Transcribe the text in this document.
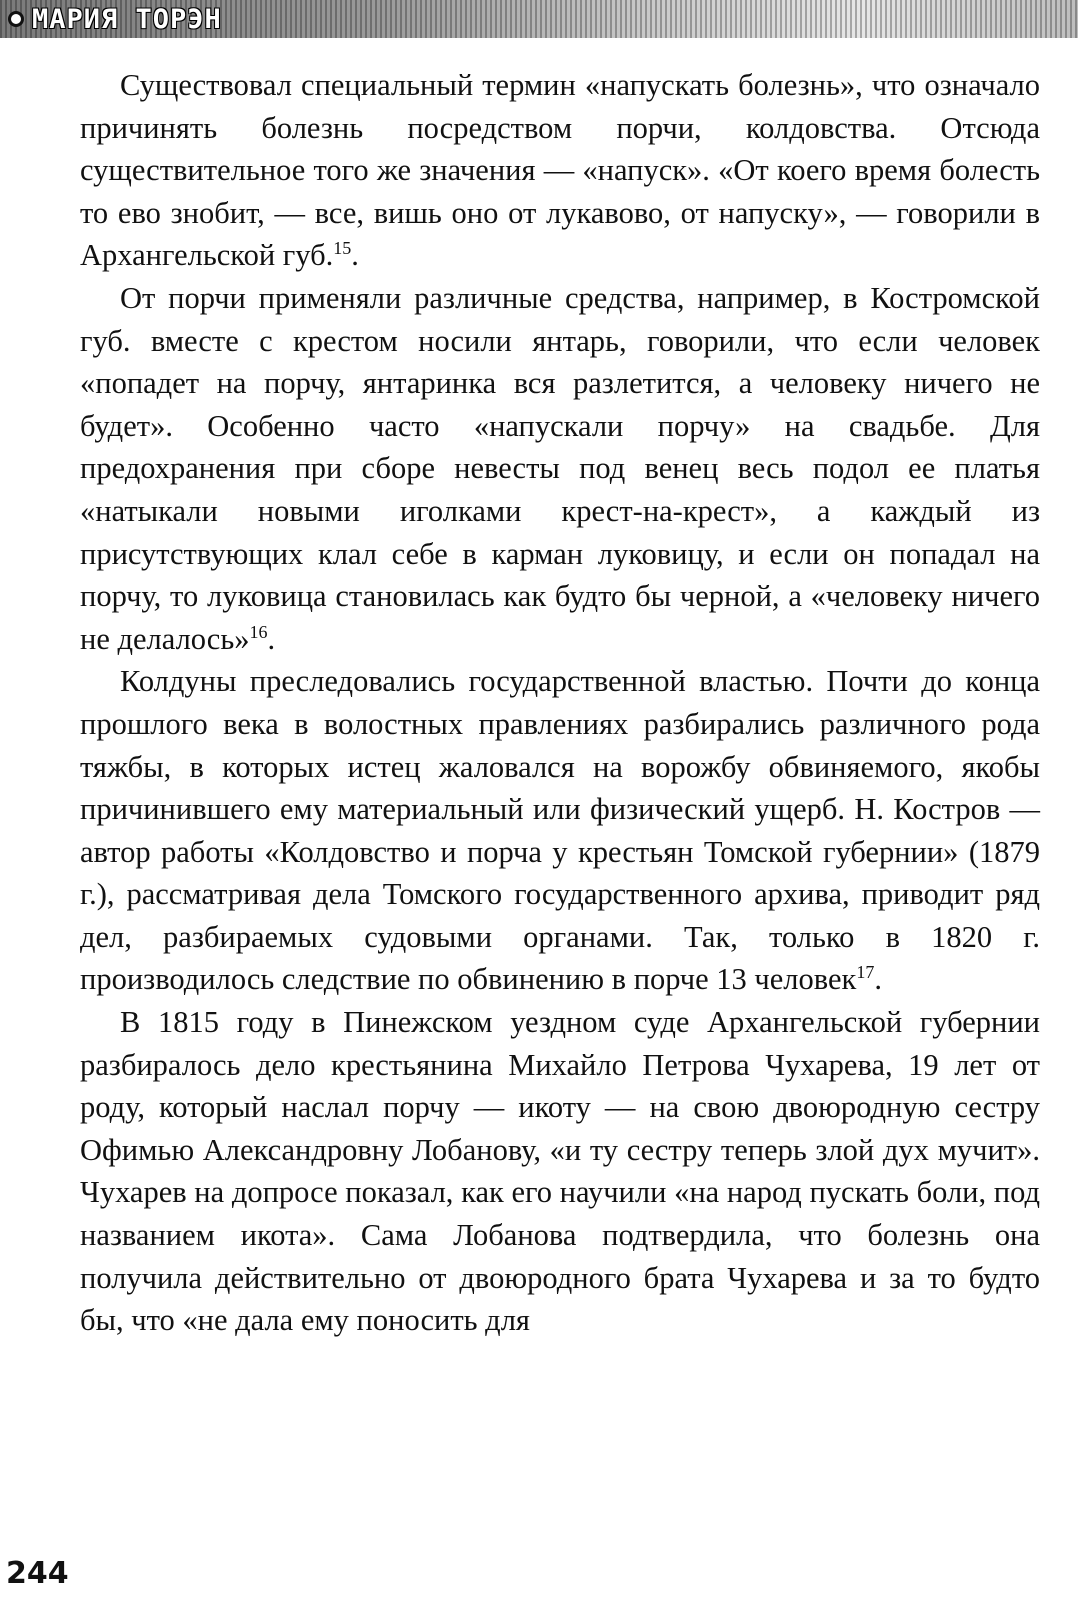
МАРИЯ ТОРЭН

Существовал специальный термин «напускать болезнь», что означало причинять болезнь посредством порчи, колдовства. Отсюда существительное того же значения — «напуск». «От коего время болесть то ево знобит, — все, вишь оно от лукавово, от напуску», — говорили в Архангельской губ.$^{15}$.

От порчи применяли различные средства, например, в Костромской губ. вместе с крестом носили янтарь, говорили, что если человек «попадет на порчу, янтаринка вся разлетится, а человеку ничего не будет». Особенно часто «напускали порчу» на свадьбе. Для предохранения при сборе невесты под венец весь подол ее платья «натыкали новыми иголками крест-на-крест», а каждый из присутствующих клал себе в карман луковицу, и если он попадал на порчу, то луковица становилась как будто бы черной, а «человеку ничего не делалось»$^{16}$.

Колдуны преследовались государственной властью. Почти до конца прошлого века в волостных правлениях разбирались различного рода тяжбы, в которых истец жаловался на ворожбу обвиняемого, якобы причинившего ему материальный или физический ущерб. Н. Костров — автор работы «Колдовство и порча у крестьян Томской губернии» (1879 г.), рассматривая дела Томского государственного архива, приводит ряд дел, разбираемых судовыми органами. Так, только в 1820 г. производилось следствие по обвинению в порче 13 человек$^{17}$.

В 1815 году в Пинежском уездном суде Архангельской губернии разбиралось дело крестьянина Михайло Петрова Чухарева, 19 лет от роду, который наслал порчу — икоту — на свою двоюродную сестру Офимью Александровну Лобанову, «и ту сестру теперь злой дух мучит». Чухарев на допросе показал, как его научили «на народ пускать боли, под названием икота». Сама Лобанова подтвердила, что болезнь она получила действительно от двоюродного брата Чухарева и за то будто бы, что «не дала ему поносить для

244
